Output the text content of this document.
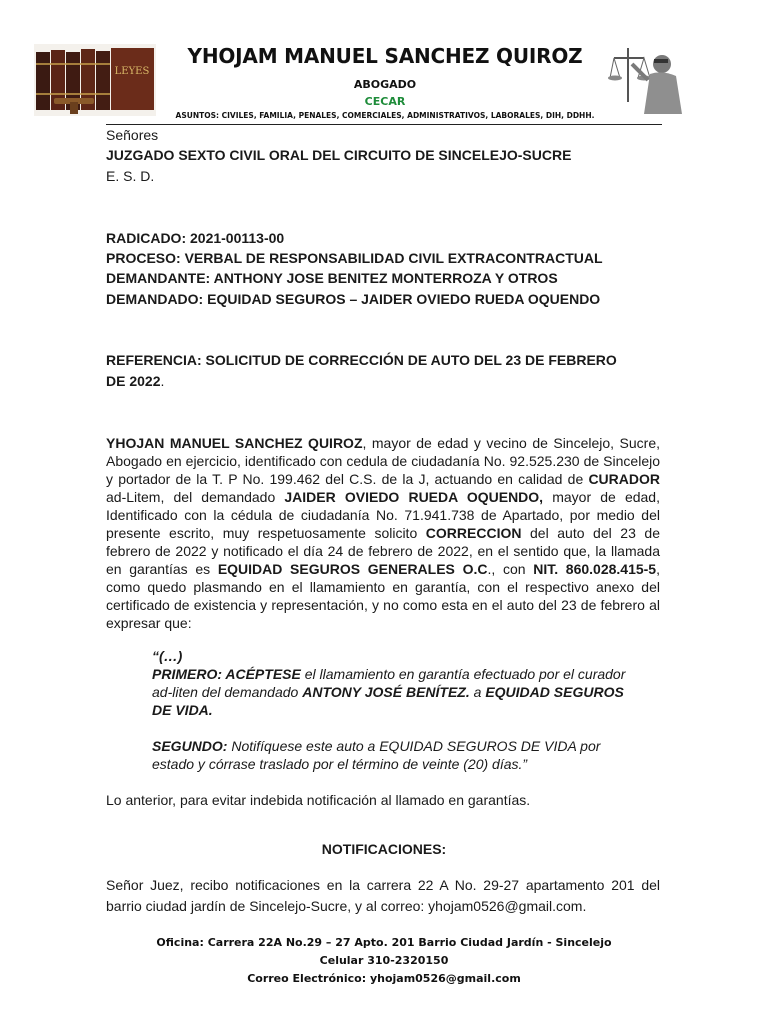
LEYES
YHOJAM MANUEL SANCHEZ QUIROZ
ABOGADO
CECAR
ASUNTOS: CIVILES, FAMILIA, PENALES, COMERCIALES, ADMINISTRATIVOS, LABORALES, DIH, DDHH.
Señores
JUZGADO SEXTO CIVIL ORAL DEL CIRCUITO DE SINCELEJO-SUCRE
E. S. D.
RADICADO: 2021-00113-00
PROCESO: VERBAL DE RESPONSABILIDAD CIVIL EXTRACONTRACTUAL
DEMANDANTE: ANTHONY JOSE BENITEZ MONTERROZA Y OTROS
DEMANDADO: EQUIDAD SEGUROS – JAIDER OVIEDO RUEDA OQUENDO
REFERENCIA: SOLICITUD DE CORRECCIÓN DE AUTO DEL 23 DE FEBRERO
DE 2022.
YHOJAN MANUEL SANCHEZ QUIROZ, mayor de edad y vecino de Sincelejo, Sucre, Abogado en ejercicio, identificado con cedula de ciudadanía No. 92.525.230 de Sincelejo y portador de la T. P No. 199.462 del C.S. de la J, actuando en calidad de CURADOR ad-Litem, del demandado JAIDER OVIEDO RUEDA OQUENDO, mayor de edad, Identificado con la cédula de ciudadanía No. 71.941.738 de Apartado, por medio del presente escrito, muy respetuosamente solicito CORRECCION del auto del 23 de febrero de 2022 y notificado el día 24 de febrero de 2022, en el sentido que, la llamada en garantías es EQUIDAD SEGUROS GENERALES O.C., con NIT. 860.028.415-5, como quedo plasmando en el llamamiento en garantía, con el respectivo anexo del certificado de existencia y representación, y no como esta en el auto del 23 de febrero al expresar que:
“(…)
PRIMERO: ACÉPTESE el llamamiento en garantía efectuado por el curador ad-liten del demandado ANTONY JOSÉ BENÍTEZ. a EQUIDAD SEGUROS DE VIDA.
SEGUNDO: Notifíquese este auto a EQUIDAD SEGUROS DE VIDA por estado y córrase traslado por el término de veinte (20) días.”
Lo anterior, para evitar indebida notificación al llamado en garantías.
NOTIFICACIONES:
Señor Juez, recibo notificaciones en la carrera 22 A No. 29-27 apartamento 201 del barrio ciudad jardín de Sincelejo-Sucre, y al correo: yhojam0526@gmail.com.
Oficina: Carrera 22A No.29 – 27 Apto. 201 Barrio Ciudad Jardín - Sincelejo
Celular 310-2320150
Correo Electrónico: yhojam0526@gmail.com
